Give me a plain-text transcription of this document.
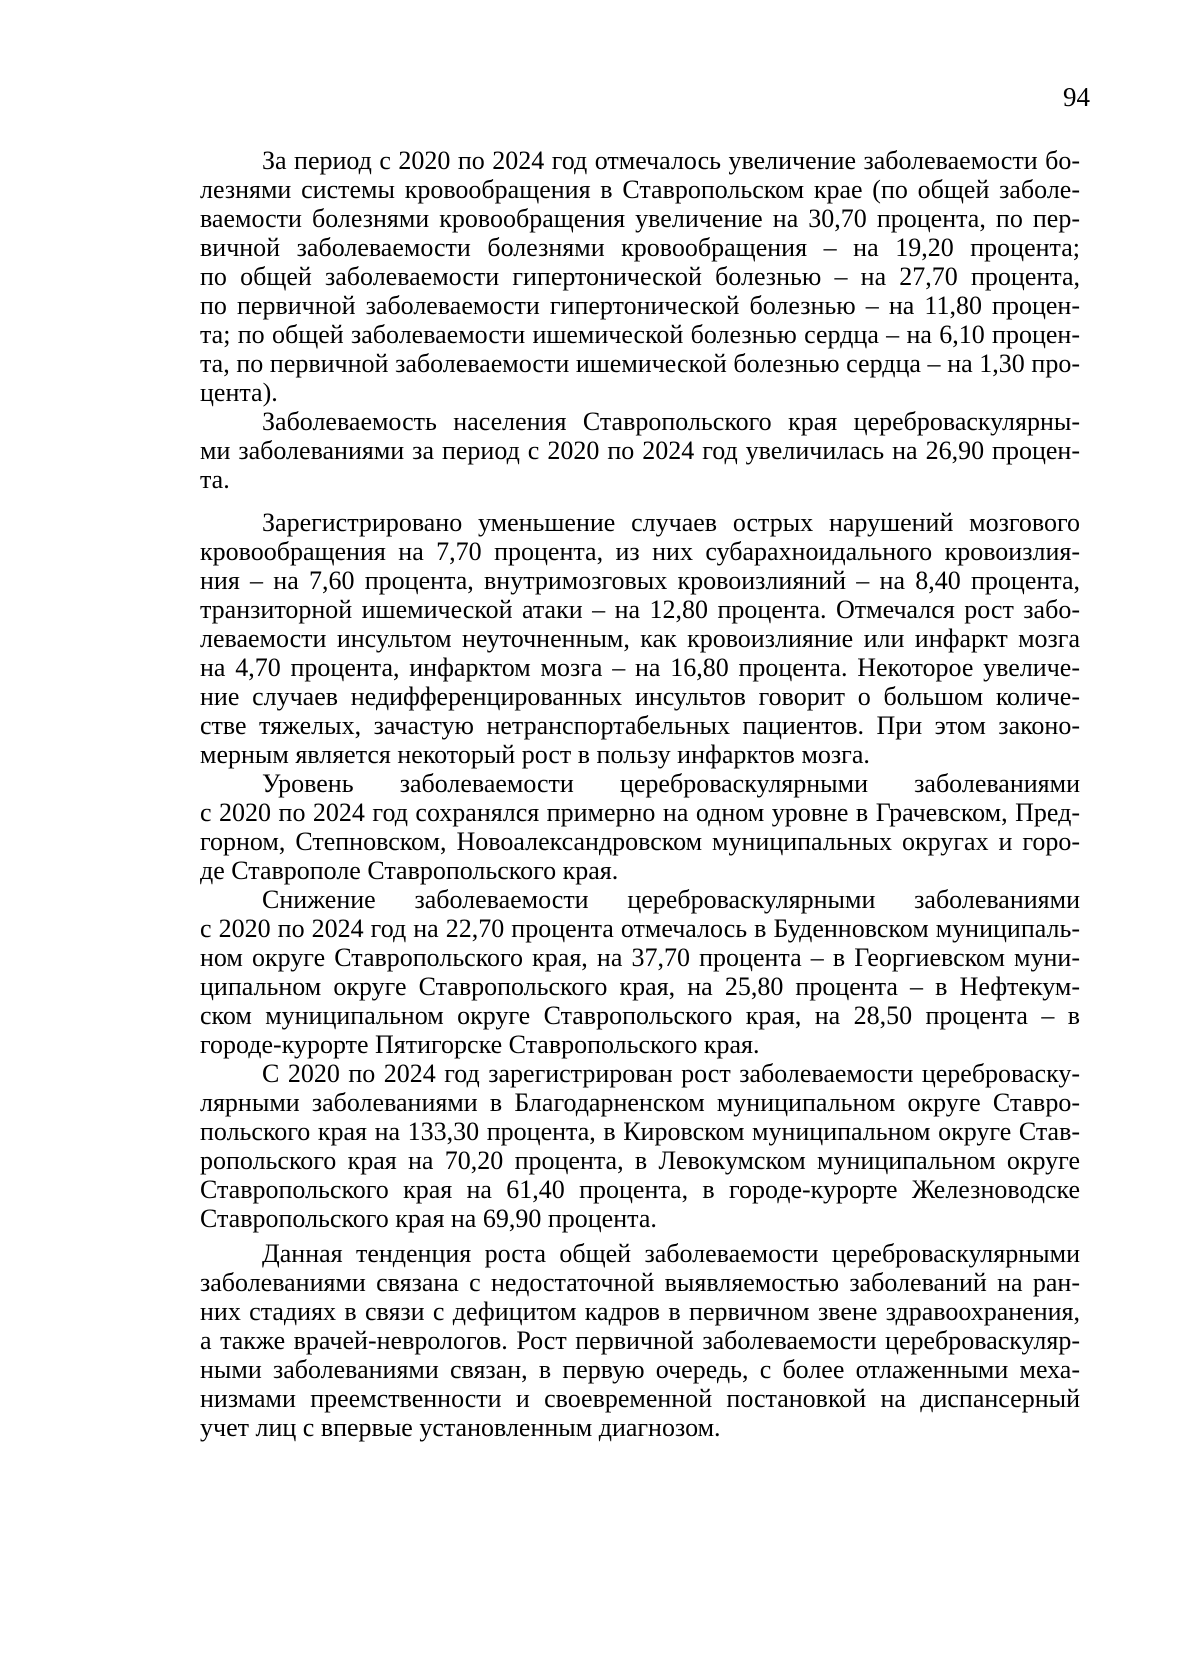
94
За период с 2020 по 2024 год отмечалось увеличение заболеваемости бо-
лезнями системы кровообращения в Ставропольском крае (по общей заболе-
ваемости болезнями кровообращения увеличение на 30,70 процента, по пер-
вичной заболеваемости болезнями кровообращения – на 19,20 процента;
по общей заболеваемости гипертонической болезнью – на 27,70 процента,
по первичной заболеваемости гипертонической болезнью – на 11,80 процен-
та; по общей заболеваемости ишемической болезнью сердца – на 6,10 процен-
та, по первичной заболеваемости ишемической болезнью сердца – на 1,30 про-
цента).
Заболеваемость населения Ставропольского края цереброваскулярны-
ми заболеваниями за период с 2020 по 2024 год увеличилась на 26,90 процен-
та.
Зарегистрировано уменьшение случаев острых нарушений мозгового
кровообращения на 7,70 процента, из них субарахноидального кровоизлия-
ния – на 7,60 процента, внутримозговых кровоизлияний – на 8,40 процента,
транзиторной ишемической атаки – на 12,80 процента. Отмечался рост забо-
леваемости инсультом неуточненным, как кровоизлияние или инфаркт мозга
на 4,70 процента, инфарктом мозга – на 16,80 процента. Некоторое увеличе-
ние случаев недифференцированных инсультов говорит о большом количе-
стве тяжелых, зачастую нетранспортабельных пациентов. При этом законо-
мерным является некоторый рост в пользу инфарктов мозга.
Уровень заболеваемости цереброваскулярными заболеваниями
с 2020 по 2024 год сохранялся примерно на одном уровне в Грачевском, Пред-
горном, Степновском, Новоалександровском муниципальных округах и горо-
де Ставрополе Ставропольского края.
Снижение заболеваемости цереброваскулярными заболеваниями
с 2020 по 2024 год на 22,70 процента отмечалось в Буденновском муниципаль-
ном округе Ставропольского края, на 37,70 процента – в Георгиевском муни-
ципальном округе Ставропольского края, на 25,80 процента – в Нефтекум-
ском муниципальном округе Ставропольского края, на 28,50 процента – в
городе-курорте Пятигорске Ставропольского края.
С 2020 по 2024 год зарегистрирован рост заболеваемости цереброваску-
лярными заболеваниями в Благодарненском муниципальном округе Ставро-
польского края на 133,30 процента, в Кировском муниципальном округе Став-
ропольского края на 70,20 процента, в Левокумском муниципальном округе
Ставропольского края на 61,40 процента, в городе-курорте Железноводске
Ставропольского края на 69,90 процента.
Данная тенденция роста общей заболеваемости цереброваскулярными
заболеваниями связана с недостаточной выявляемостью заболеваний на ран-
них стадиях в связи с дефицитом кадров в первичном звене здравоохранения,
а также врачей-неврологов. Рост первичной заболеваемости цереброваскуляр-
ными заболеваниями связан, в первую очередь, с более отлаженными меха-
низмами преемственности и своевременной постановкой на диспансерный
учет лиц с впервые установленным диагнозом.
